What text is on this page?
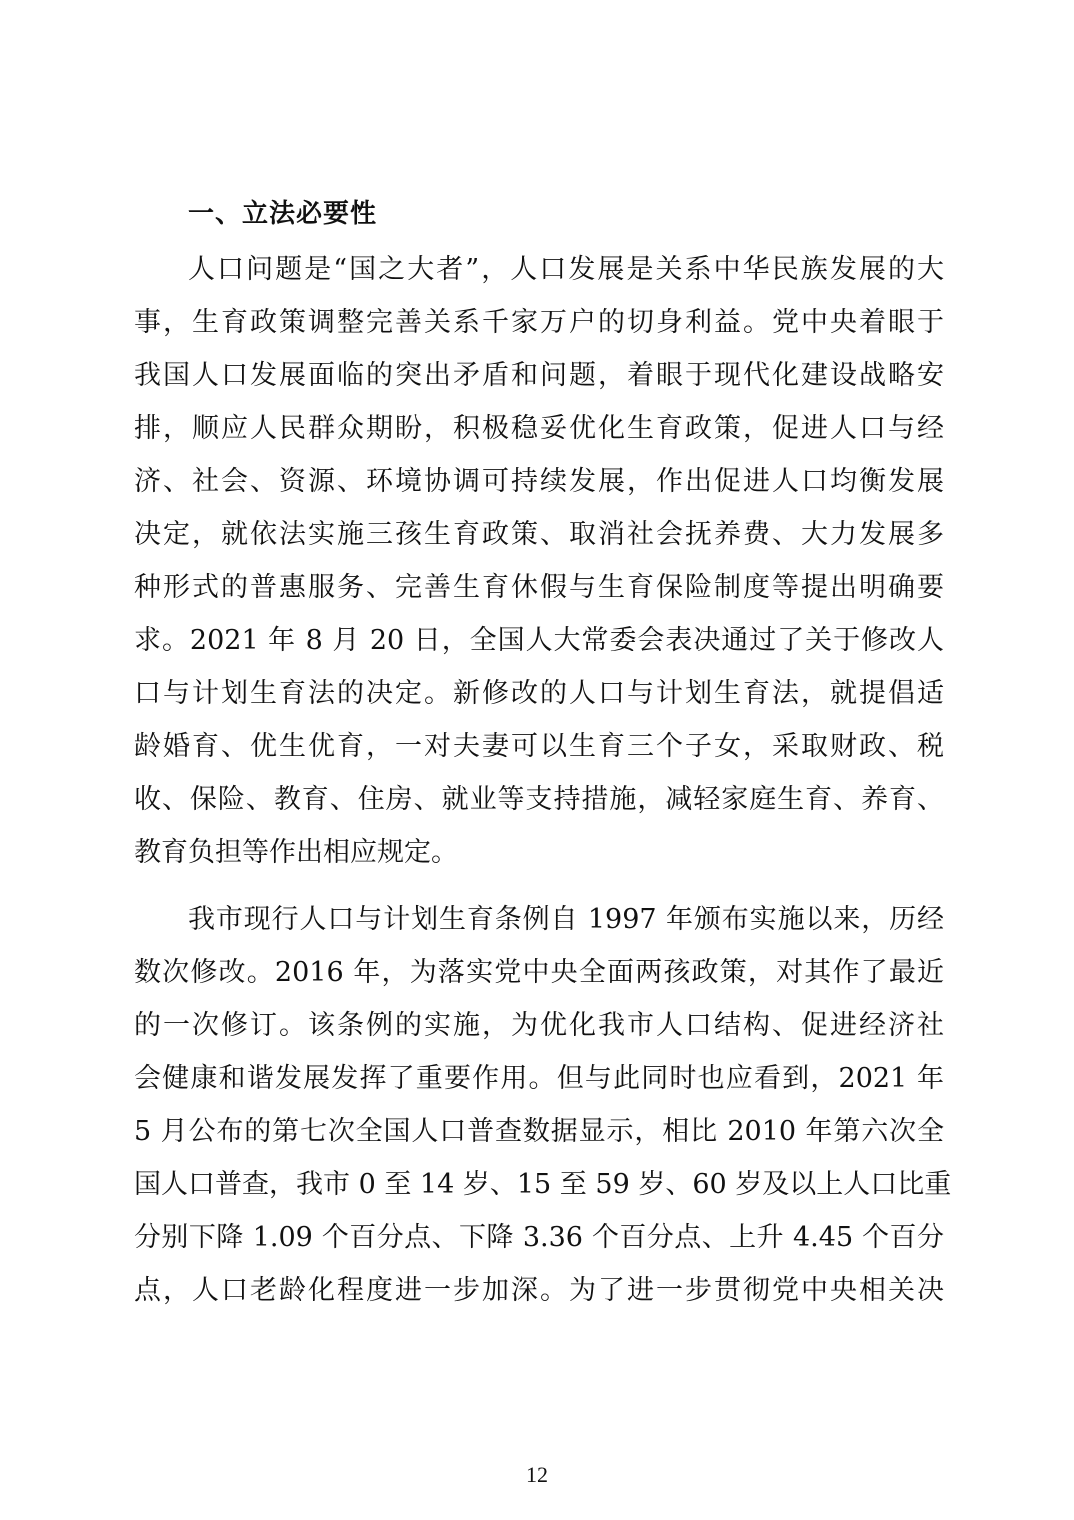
一、立法必要性
人口问题是“国之大者”，人口发展是关系中华民族发展的大
事，生育政策调整完善关系千家万户的切身利益。党中央着眼于
我国人口发展面临的突出矛盾和问题，着眼于现代化建设战略安
排，顺应人民群众期盼，积极稳妥优化生育政策，促进人口与经
济、社会、资源、环境协调可持续发展，作出促进人口均衡发展
决定，就依法实施三孩生育政策、取消社会抚养费、大力发展多
种形式的普惠服务、完善生育休假与生育保险制度等提出明确要
求。2021 年 8 月 20 日，全国人大常委会表决通过了关于修改人
口与计划生育法的决定。新修改的人口与计划生育法，就提倡适
龄婚育、优生优育，一对夫妻可以生育三个子女，采取财政、税
收、保险、教育、住房、就业等支持措施，减轻家庭生育、养育、
教育负担等作出相应规定。
我市现行人口与计划生育条例自 1997 年颁布实施以来，历经
数次修改。2016 年，为落实党中央全面两孩政策，对其作了最近
的一次修订。该条例的实施，为优化我市人口结构、促进经济社
会健康和谐发展发挥了重要作用。但与此同时也应看到，2021 年
5 月公布的第七次全国人口普查数据显示，相比 2010 年第六次全
国人口普查，我市 0 至 14 岁、15 至 59 岁、60 岁及以上人口比重
分别下降 1.09 个百分点、下降 3.36 个百分点、上升 4.45 个百分
点，人口老龄化程度进一步加深。为了进一步贯彻党中央相关决
12
